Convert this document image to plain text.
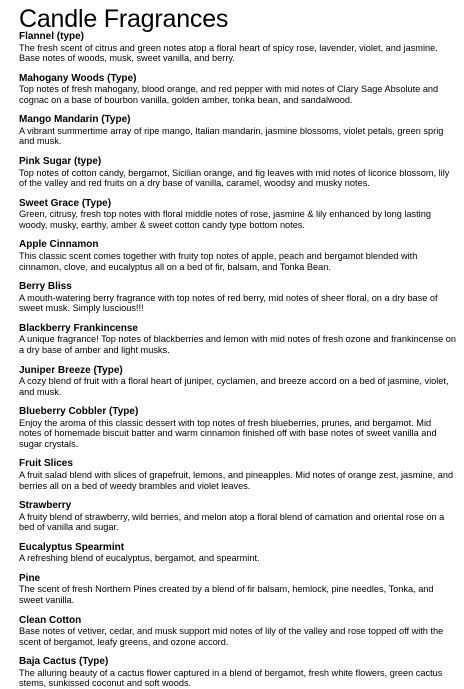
Candle Fragrances

Flannel (type)

The fresh scent of citrus and green notes atop a floral heart of spicy rose, lavender, violet, and jasmine. Base notes of woods, musk, sweet vanilla, and berry.

Mahogany Woods (Type)

Top notes of fresh mahogany, blood orange, and red pepper with mid notes of Clary Sage Absolute and cognac on a base of bourbon vanilla, golden amber, tonka bean, and sandalwood.

Mango Mandarin (Type)

A vibrant summertime array of ripe mango, Italian mandarin, jasmine blossoms, violet petals, green sprig and musk.

Pink Sugar (type)

Top notes of cotton candy, bergamot, Sicilian orange, and fig leaves with mid notes of licorice blossom, lily of the valley and red fruits on a dry base of vanilla, caramel, woodsy and musky notes.

Sweet Grace (Type)

Green, citrusy, fresh top notes with floral middle notes of rose, jasmine & lily enhanced by long lasting woody, musky, earthy, amber & sweet cotton candy type bottom notes.

Apple Cinnamon

This classic scent comes together with fruity top notes of apple, peach and bergamot blended with cinnamon, clove, and eucalyptus all on a bed of fir, balsam, and Tonka Bean.

Berry Bliss

A mouth-watering berry fragrance with top notes of red berry, mid notes of sheer floral, on a dry base of sweet musk. Simply luscious!!!

Blackberry Frankincense

A unique fragrance! Top notes of blackberries and lemon with mid notes of fresh ozone and frankincense on a dry base of amber and light musks.

Juniper Breeze (Type)

A cozy blend of fruit with a floral heart of juniper, cyclamen, and breeze accord on a bed of jasmine, violet, and musk.

Blueberry Cobbler (Type)

Enjoy the aroma of this classic dessert with top notes of fresh blueberries, prunes, and bergamot. Mid notes of homemade biscuit batter and warm cinnamon finished off with base notes of sweet vanilla and sugar crystals.

Fruit Slices

A fruit salad blend with slices of grapefruit, lemons, and pineapples. Mid notes of orange zest, jasmine, and berries all on a bed of weedy brambles and violet leaves.

Strawberry

A fruity blend of strawberry, wild berries, and melon atop a floral blend of carnation and oriental rose on a bed of vanilla and sugar.

Eucalyptus Spearmint

A refreshing blend of eucalyptus, bergamot, and spearmint.

Pine

The scent of fresh Northern Pines created by a blend of fir balsam, hemlock, pine needles, Tonka, and sweet vanilla.

Clean Cotton

Base notes of vetiver, cedar, and musk support mid notes of lily of the valley and rose topped off with the scent of bergamot, leafy greens, and ozone accord.

Baja Cactus (Type)

The alluring beauty of a cactus flower captured in a blend of bergamot, fresh white flowers, green cactus stems, sunkissed coconut and soft woods.
